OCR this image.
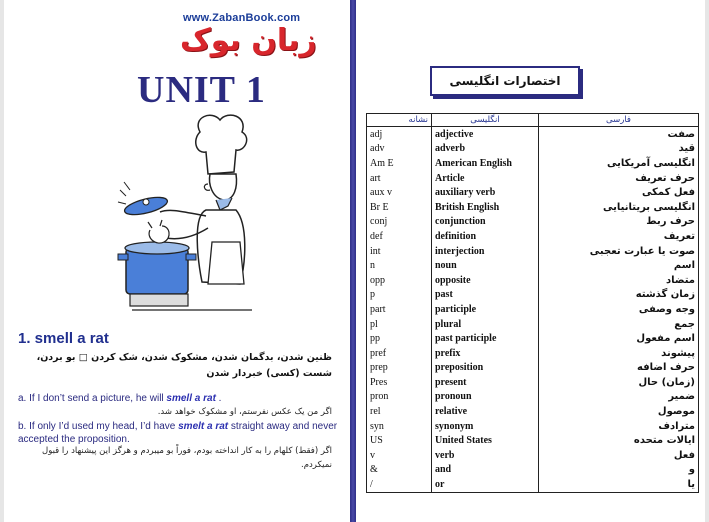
www.ZabanBook.com
زبان بوک
UNIT 1
1. smell a rat
ظنین شدن، بدگمان شدن، مشکوک شدن، شک کردن □ بو بردن، شست (کسی) خبردار شدن
a. If I don’t send a picture, he will smell a rat .
اگر من یک عکس نفرستم، او مشکوک خواهد شد.
b. If only I’d used my head, I’d have smelt a rat straight away and never accepted the proposition.
اگر (فقط) کلهام را به کار انداخته بودم، فوراً بو میبردم و هرگز این پیشنهاد را قبول نمیکردم.
اختصارات انگلیسی
نشانه	انگلیسی	فارسی
adj	adjective	صفت
adv	adverb	قید
Am E	American English	انگلیسی آمریکایی
art	Article	حرف تعریف
aux v	auxiliary verb	فعل کمکی
Br E	British English	انگلیسی بریتانیایی
conj	conjunction	حرف ربط
def	definition	تعریف
int	interjection	صوت یا عبارت تعجبی
n	noun	اسم
opp	opposite	متضاد
p	past	زمان گذشته
part	participle	وجه وصفی
pl	plural	جمع
pp	past participle	اسم مفعول
pref	prefix	پیشوند
prep	preposition	حرف اضافه
Pres	present	(زمان) حال
pron	pronoun	ضمیر
rel	relative	موصول
syn	synonym	مترادف
US	United States	ایالات متحده
v	verb	فعل
&	and	و
/	or	یا
